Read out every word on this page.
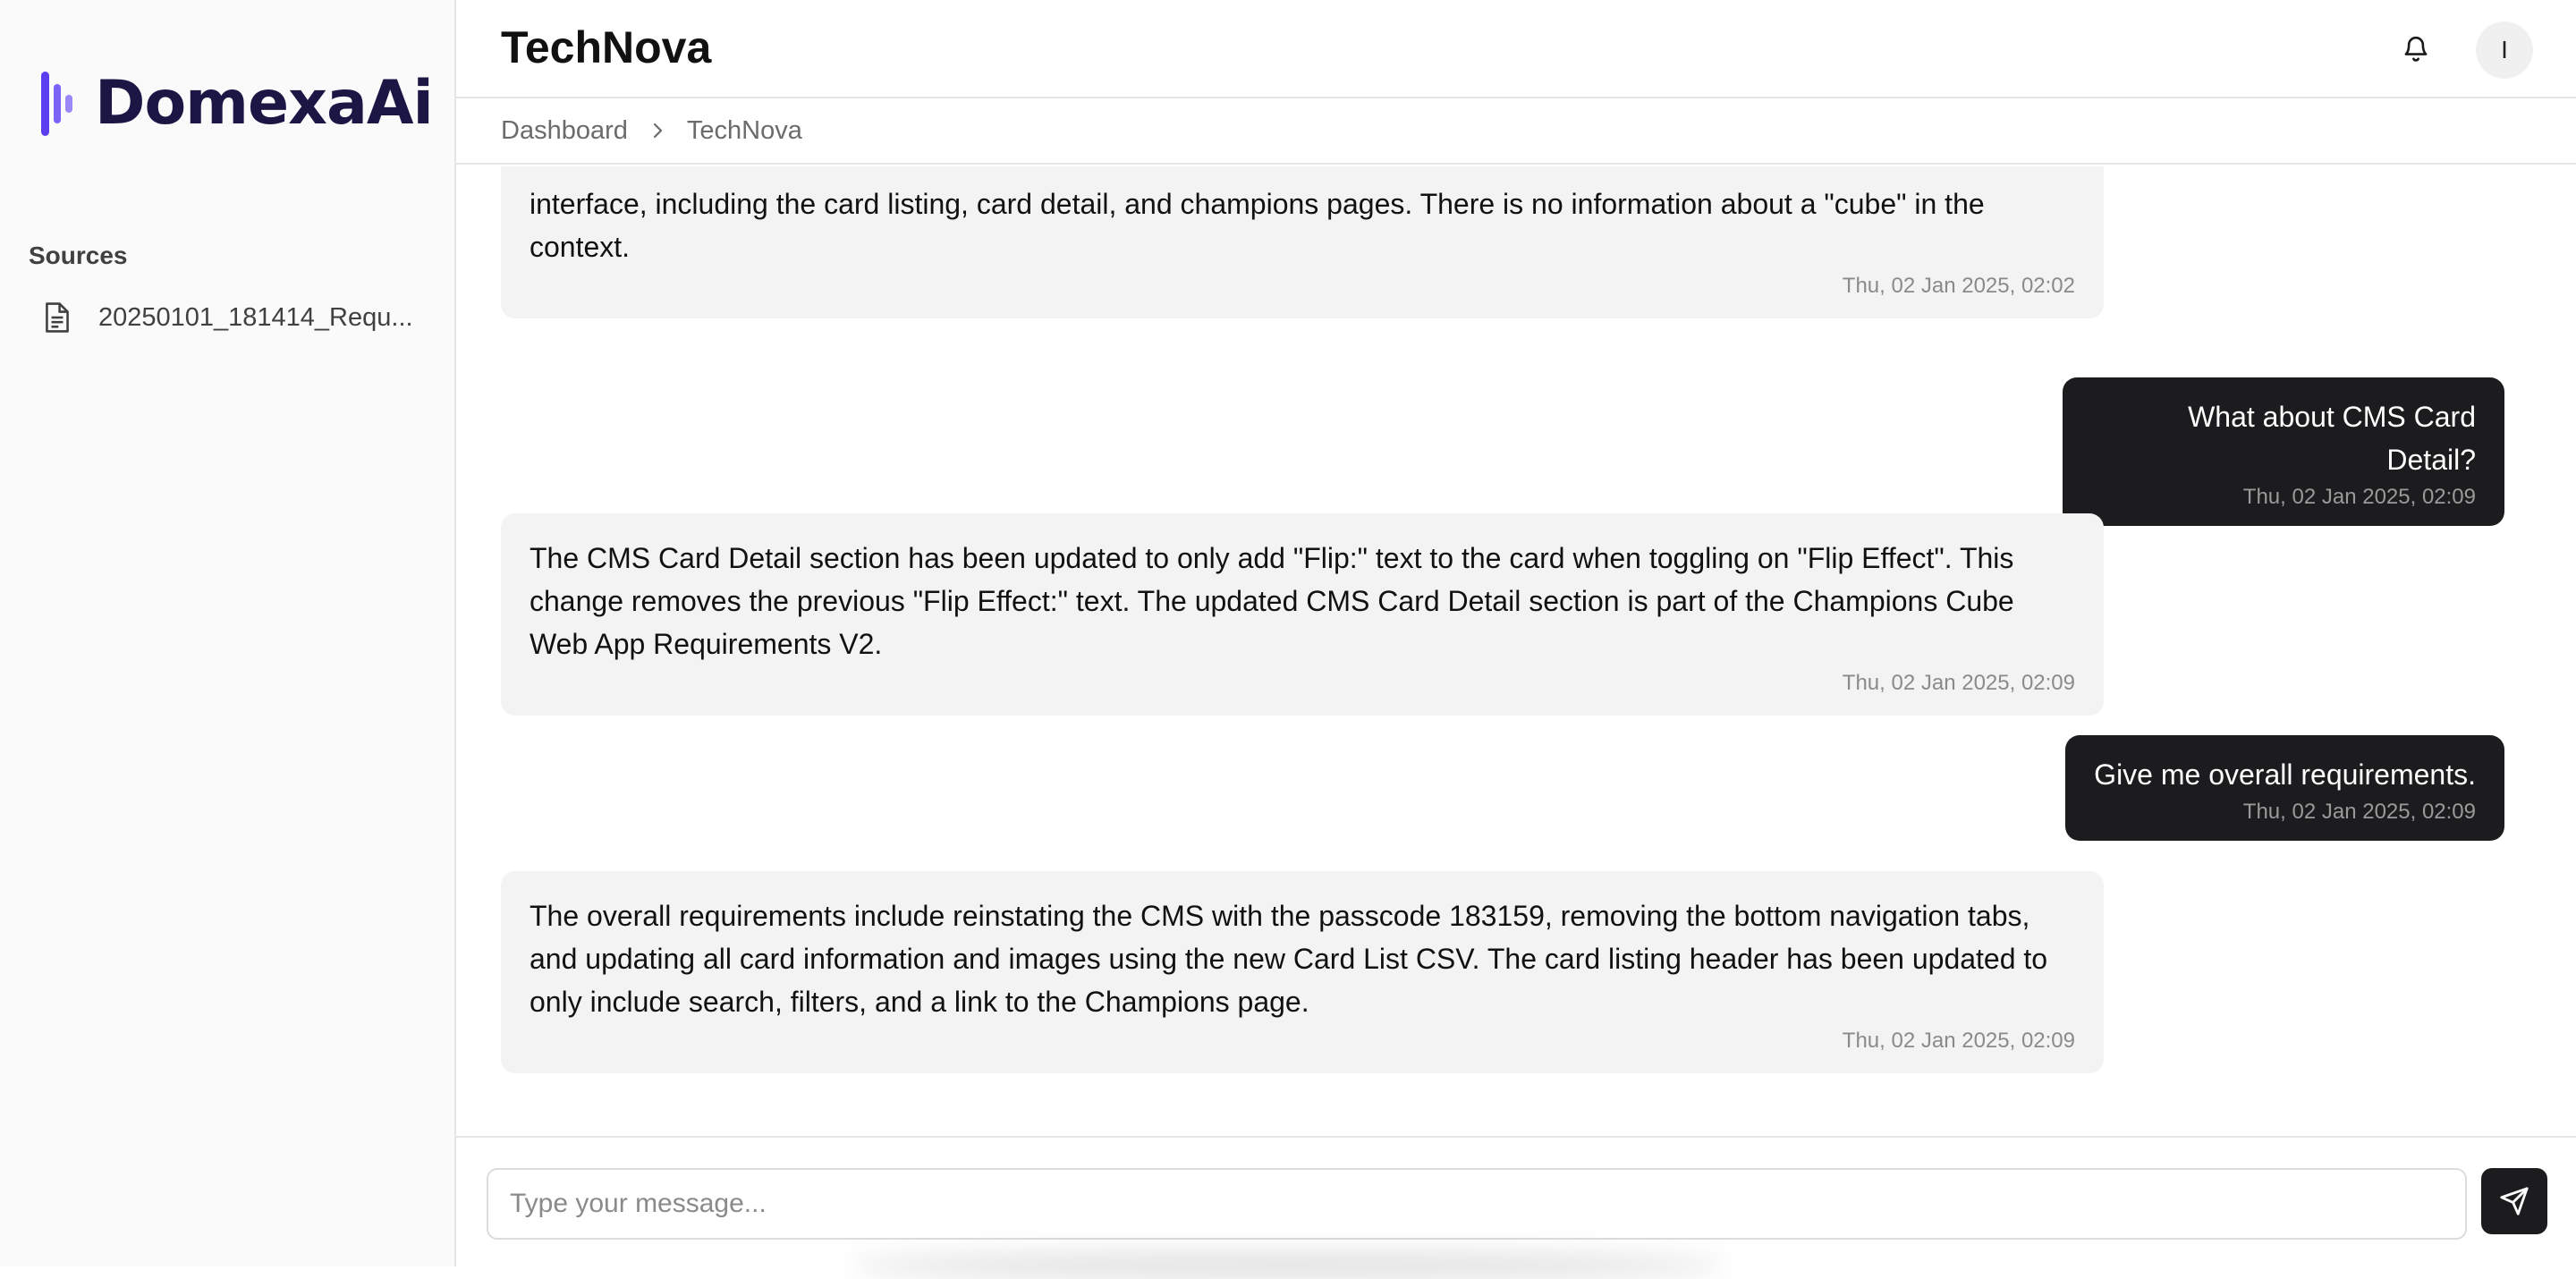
DomexaAi
Sources
20250101_181414_Requ...
TechNova	I
Dashboard TechNova
interface, including the card listing, card detail, and champions pages. There is no information about a "cube" in the context.
Thu, 02 Jan 2025, 02:02
What about CMS Card Detail?
Thu, 02 Jan 2025, 02:09
The CMS Card Detail section has been updated to only add "Flip:" text to the card when toggling on "Flip Effect". This change removes the previous "Flip Effect:" text. The updated CMS Card Detail section is part of the Champions Cube Web App Requirements V2.
Thu, 02 Jan 2025, 02:09
Give me overall requirements.
Thu, 02 Jan 2025, 02:09
The overall requirements include reinstating the CMS with the passcode 183159, removing the bottom navigation tabs, and updating all card information and images using the new Card List CSV. The card listing header has been updated to only include search, filters, and a link to the Champions page.
Thu, 02 Jan 2025, 02:09
Type your message...
